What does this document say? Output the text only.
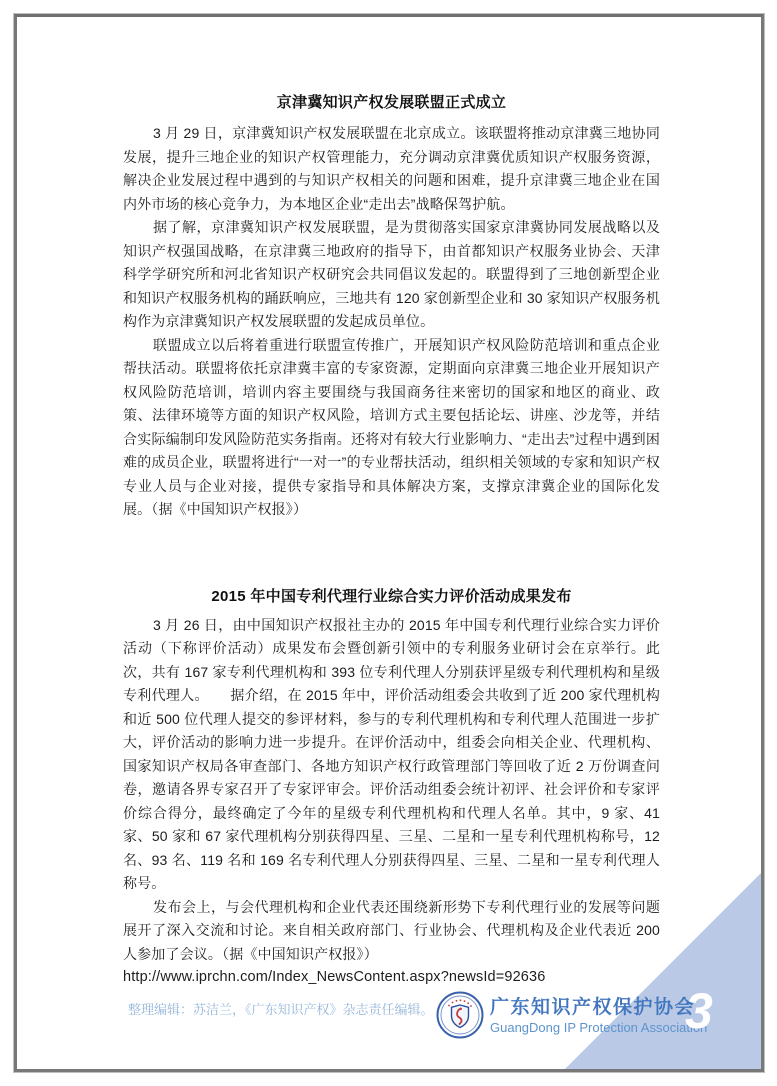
京津冀知识产权发展联盟正式成立

3 月 29 日，京津冀知识产权发展联盟在北京成立。该联盟将推动京津冀三地协同发展，提升三地企业的知识产权管理能力，充分调动京津冀优质知识产权服务资源，解决企业发展过程中遇到的与知识产权相关的问题和困难，提升京津冀三地企业在国内外市场的核心竞争力，为本地区企业“走出去”战略保驾护航。

据了解，京津冀知识产权发展联盟，是为贯彻落实国家京津冀协同发展战略以及知识产权强国战略，在京津冀三地政府的指导下，由首都知识产权服务业协会、天津科学学研究所和河北省知识产权研究会共同倡议发起的。联盟得到了三地创新型企业和知识产权服务机构的踊跃响应，三地共有 120 家创新型企业和 30 家知识产权服务机构作为京津冀知识产权发展联盟的发起成员单位。

联盟成立以后将着重进行联盟宣传推广，开展知识产权风险防范培训和重点企业帮扶活动。联盟将依托京津冀丰富的专家资源，定期面向京津冀三地企业开展知识产权风险防范培训，培训内容主要围绕与我国商务往来密切的国家和地区的商业、政策、法律环境等方面的知识产权风险，培训方式主要包括论坛、讲座、沙龙等，并结合实际编制印发风险防范实务指南。还将对有较大行业影响力、“走出去”过程中遇到困难的成员企业，联盟将进行“一对一”的专业帮扶活动，组织相关领域的专家和知识产权专业人员与企业对接，提供专家指导和具体解决方案，支撑京津冀企业的国际化发展。（据《中国知识产权报》）

2015 年中国专利代理行业综合实力评价活动成果发布

3 月 26 日，由中国知识产权报社主办的 2015 年中国专利代理行业综合实力评价活动（下称评价活动）成果发布会暨创新引领中的专利服务业研讨会在京举行。此次，共有 167 家专利代理机构和 393 位专利代理人分别获评星级专利代理机构和星级专利代理人。　　据介绍，在 2015 年中，评价活动组委会共收到了近 200 家代理机构和近 500 位代理人提交的参评材料，参与的专利代理机构和专利代理人范围进一步扩大，评价活动的影响力进一步提升。在评价活动中，组委会向相关企业、代理机构、国家知识产权局各审查部门、各地方知识产权行政管理部门等回收了近 2 万份调查问卷，邀请各界专家召开了专家评审会。评价活动组委会统计初评、社会评价和专家评价综合得分，最终确定了今年的星级专利代理机构和代理人名单。其中，9 家、41 家、50 家和 67 家代理机构分别获得四星、三星、二星和一星专利代理机构称号，12 名、93 名、119 名和 169 名专利代理人分别获得四星、三星、二星和一星专利代理人称号。

发布会上，与会代理机构和企业代表还围绕新形势下专利代理行业的发展等问题展开了深入交流和讨论。来自相关政府部门、行业协会、代理机构及企业代表近 200 人参加了会议。（据《中国知识产权报》）

http://www.iprchn.com/Index_NewsContent.aspx?newsId=92636

整理编辑：苏洁兰，《广东知识产权》杂志责任编辑。	广东知识产权保护协会
GuangDong IP Protection Association
3
